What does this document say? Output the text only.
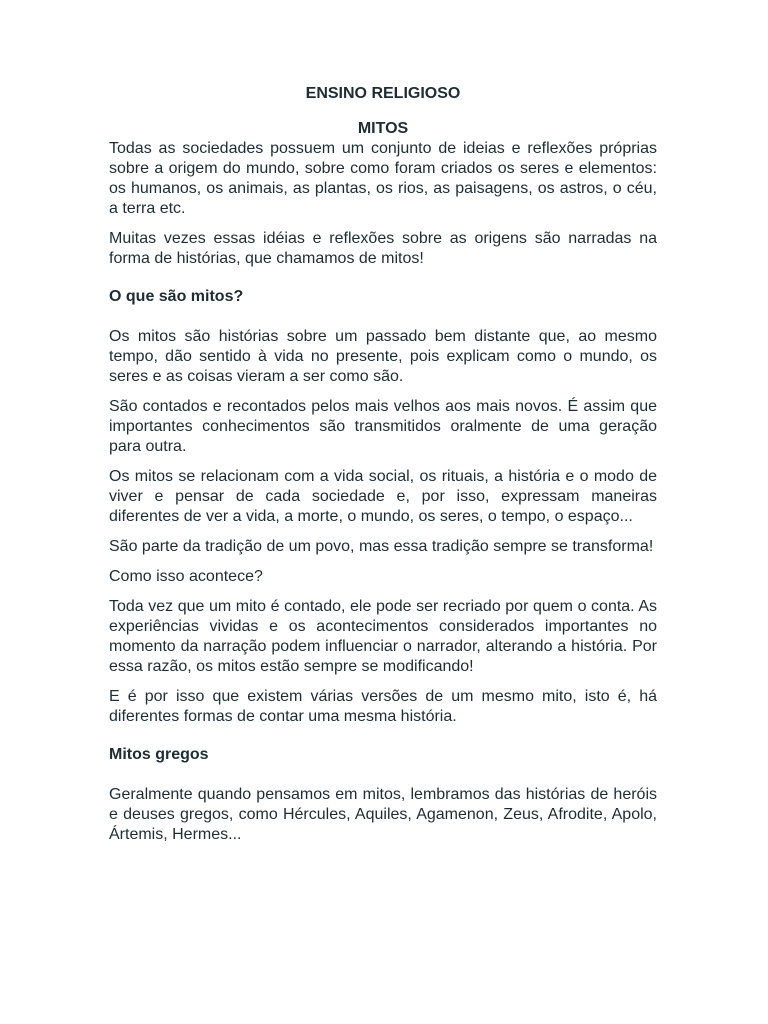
ENSINO RELIGIOSO
MITOS

Todas as sociedades possuem um conjunto de ideias e reflexões próprias sobre a origem do mundo, sobre como foram criados os seres e elementos: os humanos, os animais, as plantas, os rios, as paisagens, os astros, o céu, a terra etc.

Muitas vezes essas idéias e reflexões sobre as origens são narradas na forma de histórias, que chamamos de mitos!

O que são mitos?

Os mitos são histórias sobre um passado bem distante que, ao mesmo tempo, dão sentido à vida no presente, pois explicam como o mundo, os seres e as coisas vieram a ser como são.

São contados e recontados pelos mais velhos aos mais novos. É assim que importantes conhecimentos são transmitidos oralmente de uma geração para outra.

Os mitos se relacionam com a vida social, os rituais, a história e o modo de viver e pensar de cada sociedade e, por isso, expressam maneiras diferentes de ver a vida, a morte, o mundo, os seres, o tempo, o espaço...

São parte da tradição de um povo, mas essa tradição sempre se transforma!

Como isso acontece?

Toda vez que um mito é contado, ele pode ser recriado por quem o conta. As experiências vividas e os acontecimentos considerados importantes no momento da narração podem influenciar o narrador, alterando a história. Por essa razão, os mitos estão sempre se modificando!

E é por isso que existem várias versões de um mesmo mito, isto é, há diferentes formas de contar uma mesma história.

Mitos gregos

Geralmente quando pensamos em mitos, lembramos das histórias de heróis e deuses gregos, como Hércules, Aquiles, Agamenon, Zeus, Afrodite, Apolo, Ártemis, Hermes...
